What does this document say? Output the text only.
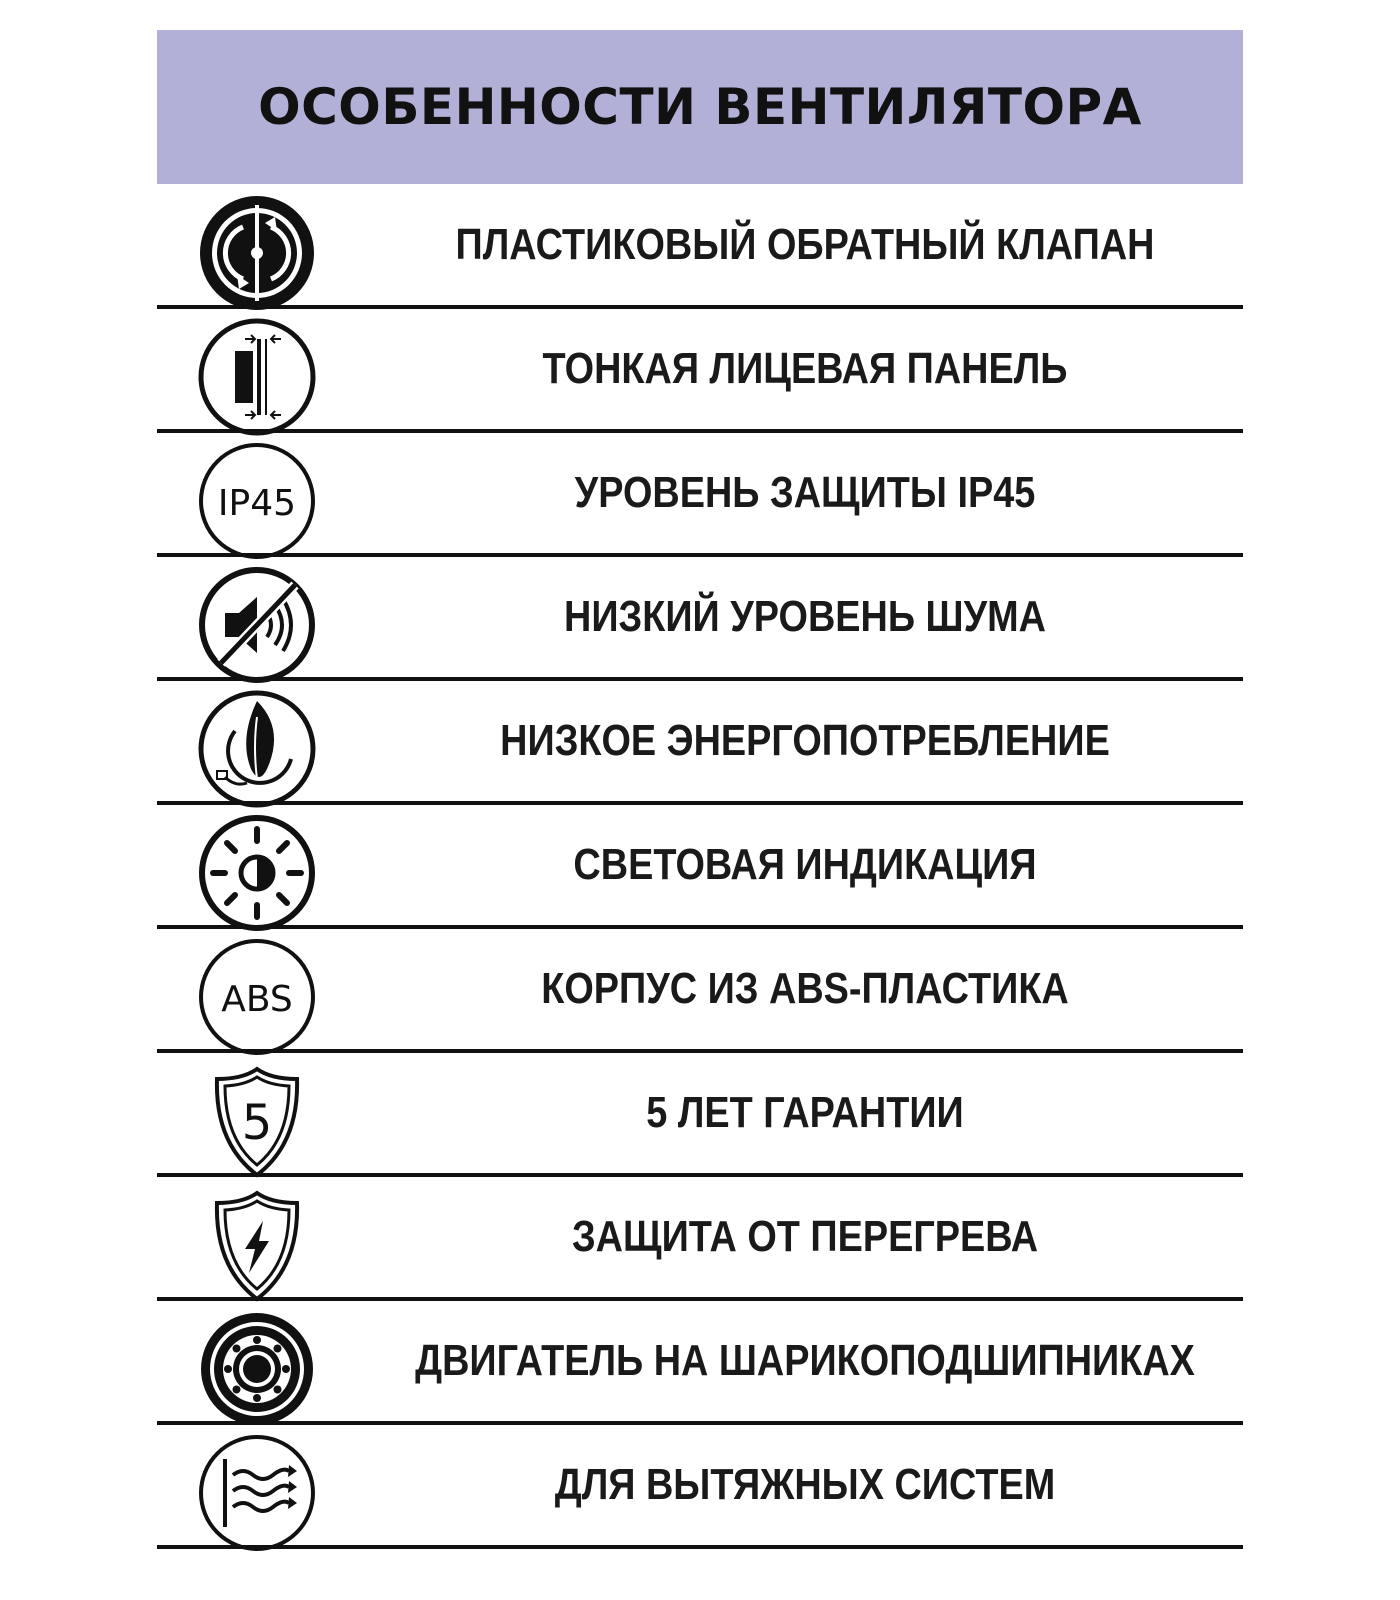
ОСОБЕННОСТИ ВЕНТИЛЯТОРА
ПЛАСТИКОВЫЙ ОБРАТНЫЙ КЛАПАН
ТОНКАЯ ЛИЦЕВАЯ ПАНЕЛЬ
IP45	УРОВЕНЬ ЗАЩИТЫ IP45
НИЗКИЙ УРОВЕНЬ ШУМА
НИЗКОЕ ЭНЕРГОПОТРЕБЛЕНИЕ
СВЕТОВАЯ ИНДИКАЦИЯ
ABS	КОРПУС ИЗ ABS-ПЛАСТИКА
5	5 ЛЕТ ГАРАНТИИ
ЗАЩИТА ОТ ПЕРЕГРЕВА
ДВИГАТЕЛЬ НА ШАРИКОПОДШИПНИКАХ
ДЛЯ ВЫТЯЖНЫХ СИСТЕМ
